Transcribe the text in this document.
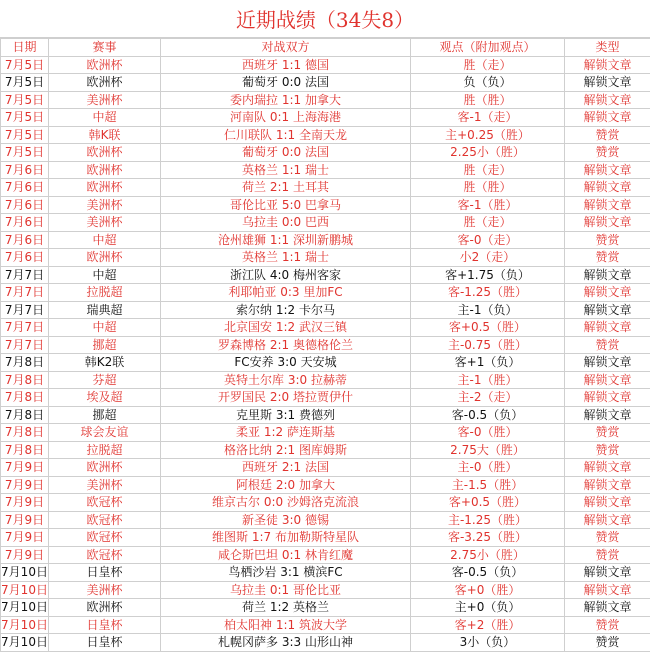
近期战绩（34失8）
日期	赛事	对战双方	观点（附加观点）	类型
7月5日	欧洲杯	西班牙 1:1 德国	胜（走）	解锁文章
7月5日	欧洲杯	葡萄牙 0:0 法国	负（负）	解锁文章
7月5日	美洲杯	委内瑞拉 1:1 加拿大	胜（胜）	解锁文章
7月5日	中超	河南队 0:1 上海海港	客-1（走）	解锁文章
7月5日	韩K联	仁川联队 1:1 全南天龙	主+0.25（胜）	赞赏
7月5日	欧洲杯	葡萄牙 0:0 法国	2.25小（胜）	赞赏
7月6日	欧洲杯	英格兰 1:1 瑞士	胜（走）	解锁文章
7月6日	欧洲杯	荷兰 2:1 土耳其	胜（胜）	解锁文章
7月6日	美洲杯	哥伦比亚 5:0 巴拿马	客-1（胜）	解锁文章
7月6日	美洲杯	乌拉圭 0:0 巴西	胜（走）	解锁文章
7月6日	中超	沧州雄狮 1:1 深圳新鹏城	客-0（走）	赞赏
7月6日	欧洲杯	英格兰 1:1 瑞士	小2（走）	赞赏
7月7日	中超	浙江队 4:0 梅州客家	客+1.75（负）	解锁文章
7月7日	拉脱超	利耶帕亚 0:3 里加FC	客-1.25（胜）	解锁文章
7月7日	瑞典超	索尔纳 1:2 卡尔马	主-1（负）	解锁文章
7月7日	中超	北京国安 1:2 武汉三镇	客+0.5（胜）	解锁文章
7月7日	挪超	罗森博格 2:1 奥德格伦兰	主-0.75（胜）	赞赏
7月8日	韩K2联	FC安养 3:0 天安城	客+1（负）	解锁文章
7月8日	芬超	英特土尔库 3:0 拉赫蒂	主-1（胜）	解锁文章
7月8日	埃及超	开罗国民 2:0 塔拉贾伊什	主-2（走）	解锁文章
7月8日	挪超	克里斯 3:1 费德列	客-0.5（负）	解锁文章
7月8日	球会友谊	柔亚 1:2 萨连斯基	客-0（胜）	赞赏
7月8日	拉脱超	格洛比纳 2:1 图库姆斯	2.75大（胜）	赞赏
7月9日	欧洲杯	西班牙 2:1 法国	主-0（胜）	解锁文章
7月9日	美洲杯	阿根廷 2:0 加拿大	主-1.5（胜）	解锁文章
7月9日	欧冠杯	维京古尔 0:0 沙姆洛克流浪	客+0.5（胜）	解锁文章
7月9日	欧冠杯	新圣徒 3:0 德锡	主-1.25（胜）	解锁文章
7月9日	欧冠杯	维图斯 1:7 布加勒斯特星队	客-3.25（胜）	赞赏
7月9日	欧冠杯	咸仑斯巴坦 0:1 林肯红魔	2.75小（胜）	赞赏
7月10日	日皇杯	鸟栖沙岩 3:1 横滨FC	客-0.5（负）	解锁文章
7月10日	美洲杯	乌拉圭 0:1 哥伦比亚	客+0（胜）	解锁文章
7月10日	欧洲杯	荷兰 1:2 英格兰	主+0（负）	解锁文章
7月10日	日皇杯	柏太阳神 1:1 筑波大学	客+2（胜）	赞赏
7月10日	日皇杯	札幌冈萨多 3:3 山形山神	3小（负）	赞赏
